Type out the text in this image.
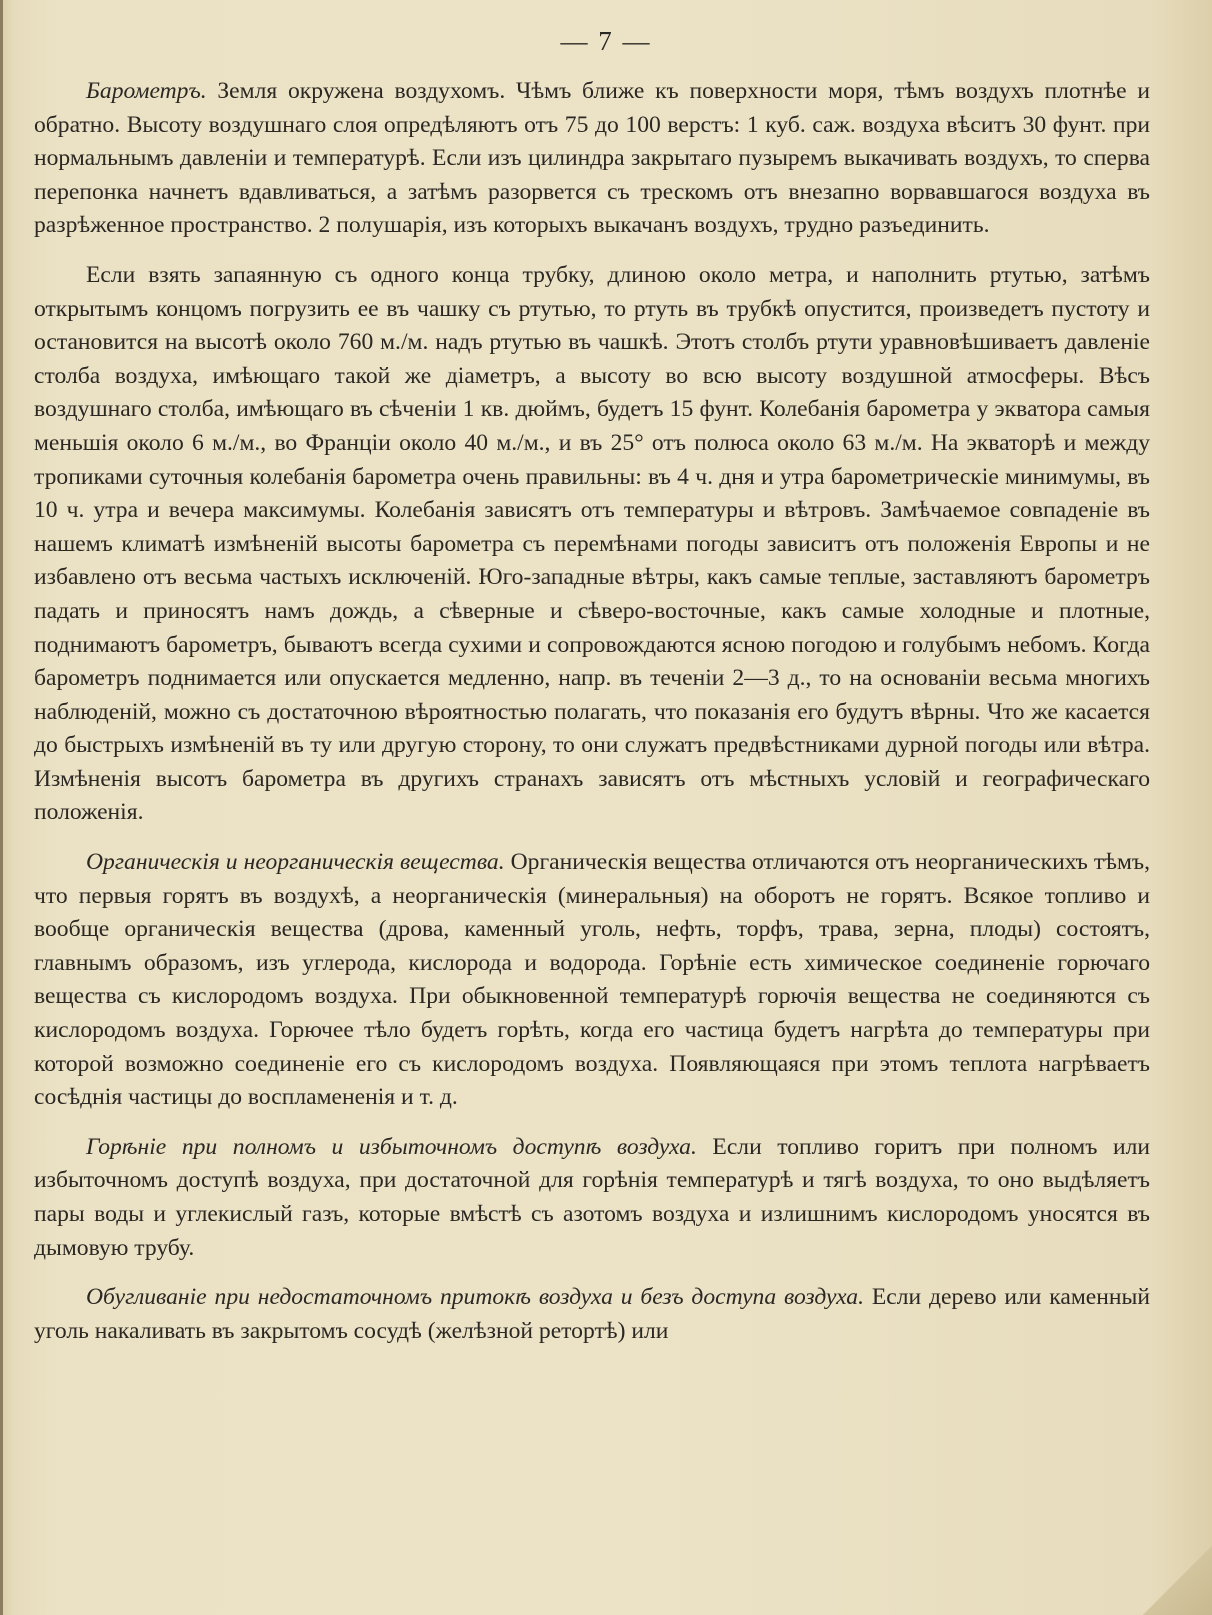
— 7 —

Барометръ. Земля окружена воздухомъ. Чѣмъ ближе къ поверхности моря, тѣмъ воздухъ плотнѣе и обратно. Высоту воздушнаго слоя опредѣляютъ отъ 75 до 100 верстъ: 1 куб. саж. воздуха вѣситъ 30 фунт. при нормальнымъ давленіи и температурѣ. Если изъ цилиндра закрытаго пузыремъ выкачивать воздухъ, то сперва перепонка начнетъ вдавливаться, а затѣмъ разорвется съ трескомъ отъ внезапно ворвавшагося воздуха въ разрѣженное пространство. 2 полушарія, изъ которыхъ выкачанъ воздухъ, трудно разъединить.

Если взять запаянную съ одного конца трубку, длиною около метра, и наполнить ртутью, затѣмъ открытымъ концомъ погрузить ее въ чашку съ ртутью, то ртуть въ трубкѣ опустится, произведетъ пустоту и остановится на высотѣ около 760 м./м. надъ ртутью въ чашкѣ. Этотъ столбъ ртути уравновѣшиваетъ давленіе столба воздуха, имѣющаго такой же діаметръ, а высоту во всю высоту воздушной атмосферы. Вѣсъ воздушнаго столба, имѣющаго въ сѣченіи 1 кв. дюймъ, будетъ 15 фунт. Колебанія барометра у экватора самыя меньшія около 6 м./м., во Франціи около 40 м./м., и въ 25° отъ полюса около 63 м./м. На экваторѣ и между тропиками суточныя колебанія барометра очень правильны: въ 4 ч. дня и утра барометрическіе минимумы, въ 10 ч. утра и вечера максимумы. Колебанія зависятъ отъ температуры и вѣтровъ. Замѣчаемое совпаденіе въ нашемъ климатѣ измѣненій высоты барометра съ перемѣнами погоды зависитъ отъ положенія Европы и не избавлено отъ весьма частыхъ исключеній. Юго-западные вѣтры, какъ самые теплые, заставляютъ барометръ падать и приносятъ намъ дождь, а сѣверные и сѣверо-восточные, какъ самые холодные и плотные, поднимаютъ барометръ, бываютъ всегда сухими и сопровождаются ясною погодою и голубымъ небомъ. Когда барометръ поднимается или опускается медленно, напр. въ теченіи 2—3 д., то на основаніи весьма многихъ наблюденій, можно съ достаточною вѣроятностью полагать, что показанія его будутъ вѣрны. Что же касается до быстрыхъ измѣненій въ ту или другую сторону, то они служатъ предвѣстниками дурной погоды или вѣтра. Измѣненія высотъ барометра въ другихъ странахъ зависятъ отъ мѣстныхъ условій и географическаго положенія.

Органическія и неорганическія вещества. Органическія вещества отличаются отъ неорганическихъ тѣмъ, что первыя горятъ въ воздухѣ, а неорганическія (минеральныя) на оборотъ не горятъ. Всякое топливо и вообще органическія вещества (дрова, каменный уголь, нефть, торфъ, трава, зерна, плоды) состоятъ, главнымъ образомъ, изъ углерода, кислорода и водорода. Горѣніе есть химическое соединеніе горючаго вещества съ кислородомъ воздуха. При обыкновенной температурѣ горючія вещества не соединяются съ кислородомъ воздуха. Горючее тѣло будетъ горѣть, когда его частица будетъ нагрѣта до температуры при которой возможно соединеніе его съ кислородомъ воздуха. Появляющаяся при этомъ теплота нагрѣваетъ сосѣднія частицы до воспламененія и т. д.

Горѣніе при полномъ и избыточномъ доступѣ воздуха. Если топливо горитъ при полномъ или избыточномъ доступѣ воздуха, при достаточной для горѣнія температурѣ и тягѣ воздуха, то оно выдѣляетъ пары воды и углекислый газъ, которые вмѣстѣ съ азотомъ воздуха и излишнимъ кислородомъ уносятся въ дымовую трубу.

Обугливаніе при недостаточномъ притокѣ воздуха и безъ доступа воздуха. Если дерево или каменный уголь накаливать въ закрытомъ сосудѣ (желѣзной ретортѣ) или
